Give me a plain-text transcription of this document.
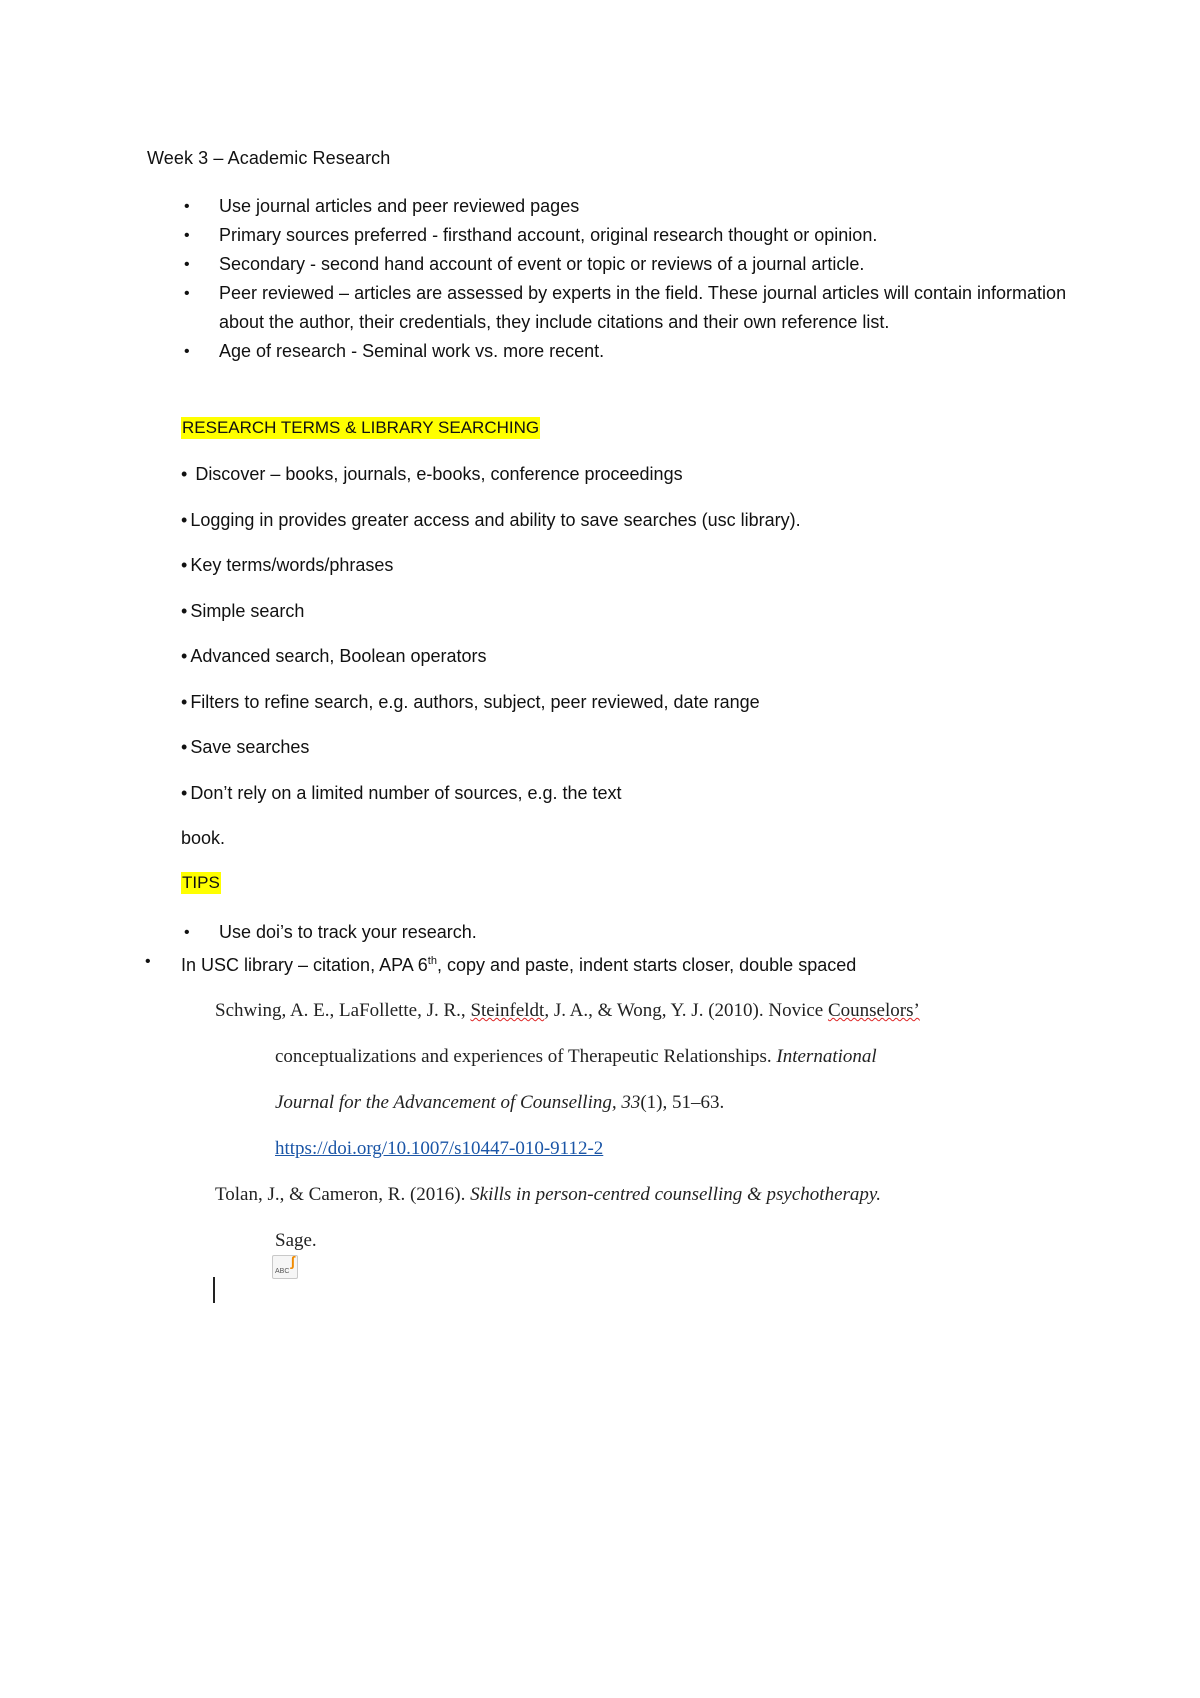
Week 3 – Academic Research
• Use journal articles and peer reviewed pages
• Primary sources preferred - firsthand account, original research thought or opinion.
• Secondary - second hand account of event or topic or reviews of a journal article.
• Peer reviewed – articles are assessed by experts in the field. These journal articles will contain information about the author, their credentials, they include citations and their own reference list.
• Age of research - Seminal work vs. more recent.
RESEARCH TERMS & LIBRARY SEARCHING
• Discover – books, journals, e-books, conference proceedings
• Logging in provides greater access and ability to save searches (usc library).
• Key terms/words/phrases
• Simple search
• Advanced search, Boolean operators
• Filters to refine search, e.g. authors, subject, peer reviewed, date range
• Save searches
• Don’t rely on a limited number of sources, e.g. the text
book.
TIPS
• Use doi’s to track your research.
• In USC library – citation, APA 6th, copy and paste, indent starts closer, double spaced
Schwing, A. E., LaFollette, J. R., Steinfeldt, J. A., & Wong, Y. J. (2010). Novice Counselors’
conceptualizations and experiences of Therapeutic Relationships. International
Journal for the Advancement of Counselling, 33(1), 51–63.
https://doi.org/10.1007/s10447-010-9112-2
Tolan, J., & Cameron, R. (2016). Skills in person-centred counselling & psychotherapy.
Sage.
ABC
ʃ
